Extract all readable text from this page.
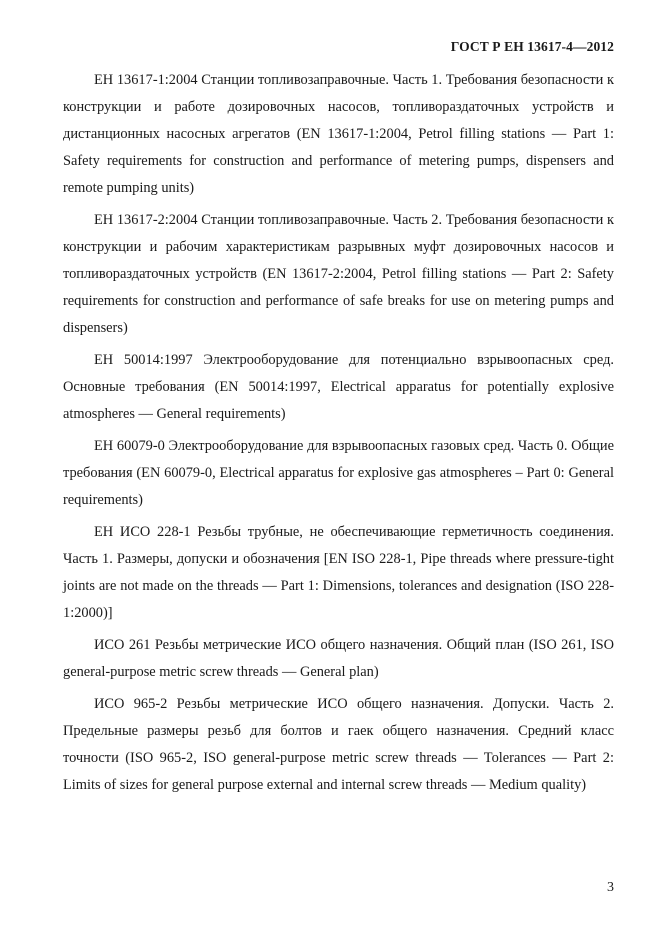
ГОСТ Р ЕН 13617-4—2012

ЕН 13617-1:2004 Станции топливозаправочные. Часть 1. Требования безопасности к конструкции и работе дозировочных насосов, топливораздаточных устройств и дистанционных насосных агрегатов (EN 13617-1:2004, Petrol filling stations — Part 1: Safety requirements for construction and performance of metering pumps, dispensers and remote pumping units)

ЕН 13617-2:2004 Станции топливозаправочные. Часть 2. Требования безопасности к конструкции и рабочим характеристикам разрывных муфт дозировочных насосов и топливораздаточных устройств (EN 13617-2:2004, Petrol filling stations — Part 2: Safety requirements for construction and performance of safe breaks for use on metering pumps and dispensers)

ЕН 50014:1997 Электрооборудование для потенциально взрывоопасных сред. Основные требования (EN 50014:1997, Electrical apparatus for potentially explosive atmospheres — General requirements)

ЕН 60079-0 Электрооборудование для взрывоопасных газовых сред. Часть 0. Общие требования (EN 60079-0, Electrical apparatus for explosive gas atmospheres – Part 0: General requirements)

ЕН ИСО 228-1 Резьбы трубные, не обеспечивающие герметичность соединения. Часть 1. Размеры, допуски и обозначения [EN ISO 228-1, Pipe threads where pressure-tight joints are not made on the threads — Part 1: Dimensions, tolerances and designation (ISO 228-1:2000)]

ИСО 261 Резьбы метрические ИСО общего назначения. Общий план (ISO 261, ISO general-purpose metric screw threads — General plan)

ИСО 965-2 Резьбы метрические ИСО общего назначения. Допуски. Часть 2. Предельные размеры резьб для болтов и гаек общего назначения. Средний класс точности (ISO 965-2, ISO general-purpose metric screw threads — Tolerances — Part 2: Limits of sizes for general purpose external and internal screw threads — Medium quality)

3
